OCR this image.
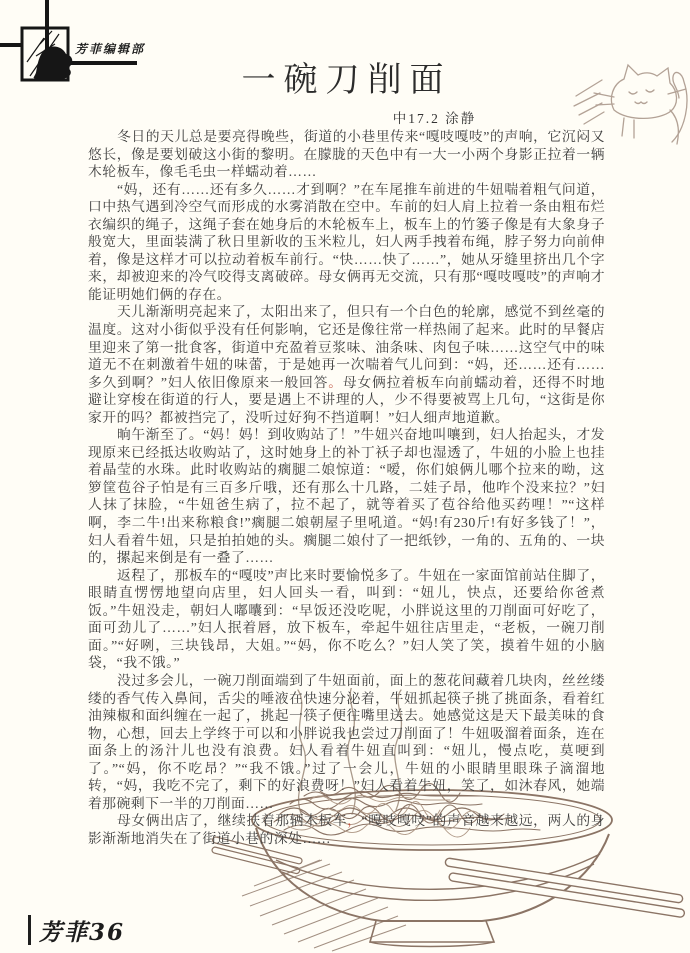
芳菲编辑部
一碗刀削面
中17.2 涂静

冬日的天儿总是要亮得晚些，街道的小巷里传来“嘎吱嘎吱”的声响，它沉闷又悠长，像是要划破这小街的黎明。在朦胧的天色中有一大一小两个身影正拉着一辆木轮板车，像毛毛虫一样蠕动着……

“妈，还有……还有多久……才到啊？”在车尾推车前进的牛妞喘着粗气问道，口中热气遇到冷空气而形成的水雾消散在空中。车前的妇人肩上拉着一条由粗布烂衣编织的绳子，这绳子套在她身后的木轮板车上，板车上的竹篓子像是有大象身子般宽大，里面装满了秋日里新收的玉米粒儿，妇人两手拽着布绳，脖子努力向前伸着，像是这样才可以拉动着板车前行。“快……快了……”，她从牙缝里挤出几个字来，却被迎来的冷气咬得支离破碎。母女俩再无交流，只有那“嘎吱嘎吱”的声响才能证明她们俩的存在。

天儿渐渐明亮起来了，太阳出来了，但只有一个白色的轮廓，感觉不到丝毫的温度。这对小街似乎没有任何影响，它还是像往常一样热闹了起来。此时的早餐店里迎来了第一批食客，街道中充盈着豆浆味、油条味、肉包子味……这空气中的味道无不在刺激着牛妞的味蕾，于是她再一次喘着气儿问到：“妈，还……还有……多久到啊？”妇人依旧像原来一般回答。母女俩拉着板车向前蠕动着，还得不时地避让穿梭在街道的行人，要是遇上不讲理的人，少不得要被骂上几句，“这街是你家开的吗？都被挡完了，没听过好狗不挡道啊！”妇人细声地道歉。

晌午渐至了。“妈！妈！到收购站了！”牛妞兴奋地叫嚷到，妇人抬起头，才发现原来已经抵达收购站了，这时她身上的补丁袄子却也湿透了，牛妞的小脸上也挂着晶莹的水珠。此时收购站的瘸腿二娘惊道：“嗳，你们娘俩儿哪个拉来的呦，这箩筐苞谷子怕是有三百多斤哦，还有那么十几路，二娃子昂，他咋个没来拉？”妇人抹了抹脸，“牛妞爸生病了，拉不起了，就等着买了苞谷给他买药哩！”“这样啊，李二牛!出来称粮食!”瘸腿二娘朝屋子里吼道。“妈!有230斤!有好多钱了！”，妇人看着牛妞，只是拍拍她的头。瘸腿二娘付了一把纸钞，一角的、五角的、一块的，摞起来倒是有一叠了……

返程了，那板车的“嘎吱”声比来时要愉悦多了。牛妞在一家面馆前站住脚了，眼睛直愣愣地望向店里，妇人回头一看，叫到：“妞儿，快点，还要给你爸煮饭。”牛妞没走，朝妇人嘟囔到：“早饭还没吃呢，小胖说这里的刀削面可好吃了，面可劲儿了……”妇人抿着唇，放下板车，牵起牛妞往店里走，“老板，一碗刀削面。”“好咧，三块钱昂，大姐。”“妈，你不吃么？”妇人笑了笑，摸着牛妞的小脑袋，“我不饿。”

没过多会儿，一碗刀削面端到了牛妞面前，面上的葱花间藏着几块肉，丝丝缕缕的香气传入鼻间，舌尖的唾液在快速分泌着，牛妞抓起筷子挑了挑面条，看着红油辣椒和面纠缠在一起了，挑起一筷子便往嘴里送去。她感觉这是天下最美味的食物，心想，回去上学终于可以和小胖说我也尝过刀削面了！牛妞吸溜着面条，连在面条上的汤汁儿也没有浪费。妇人看着牛妞直叫到：“妞儿，慢点吃，莫哽到了。”“妈，你不吃昂？”“我不饿。”过了一会儿，牛妞的小眼睛里眼珠子滴溜地转，“妈，我吃不完了，剩下的好浪费呀！”妇人看着牛妞，笑了，如沐春风，她端着那碗剩下一半的刀削面……

母女俩出店了，继续扶着那辆木板车，“嘎吱嘎吱”的声音越来越远，两人的身影渐渐地消失在了街道小巷的深处……

芳菲36
